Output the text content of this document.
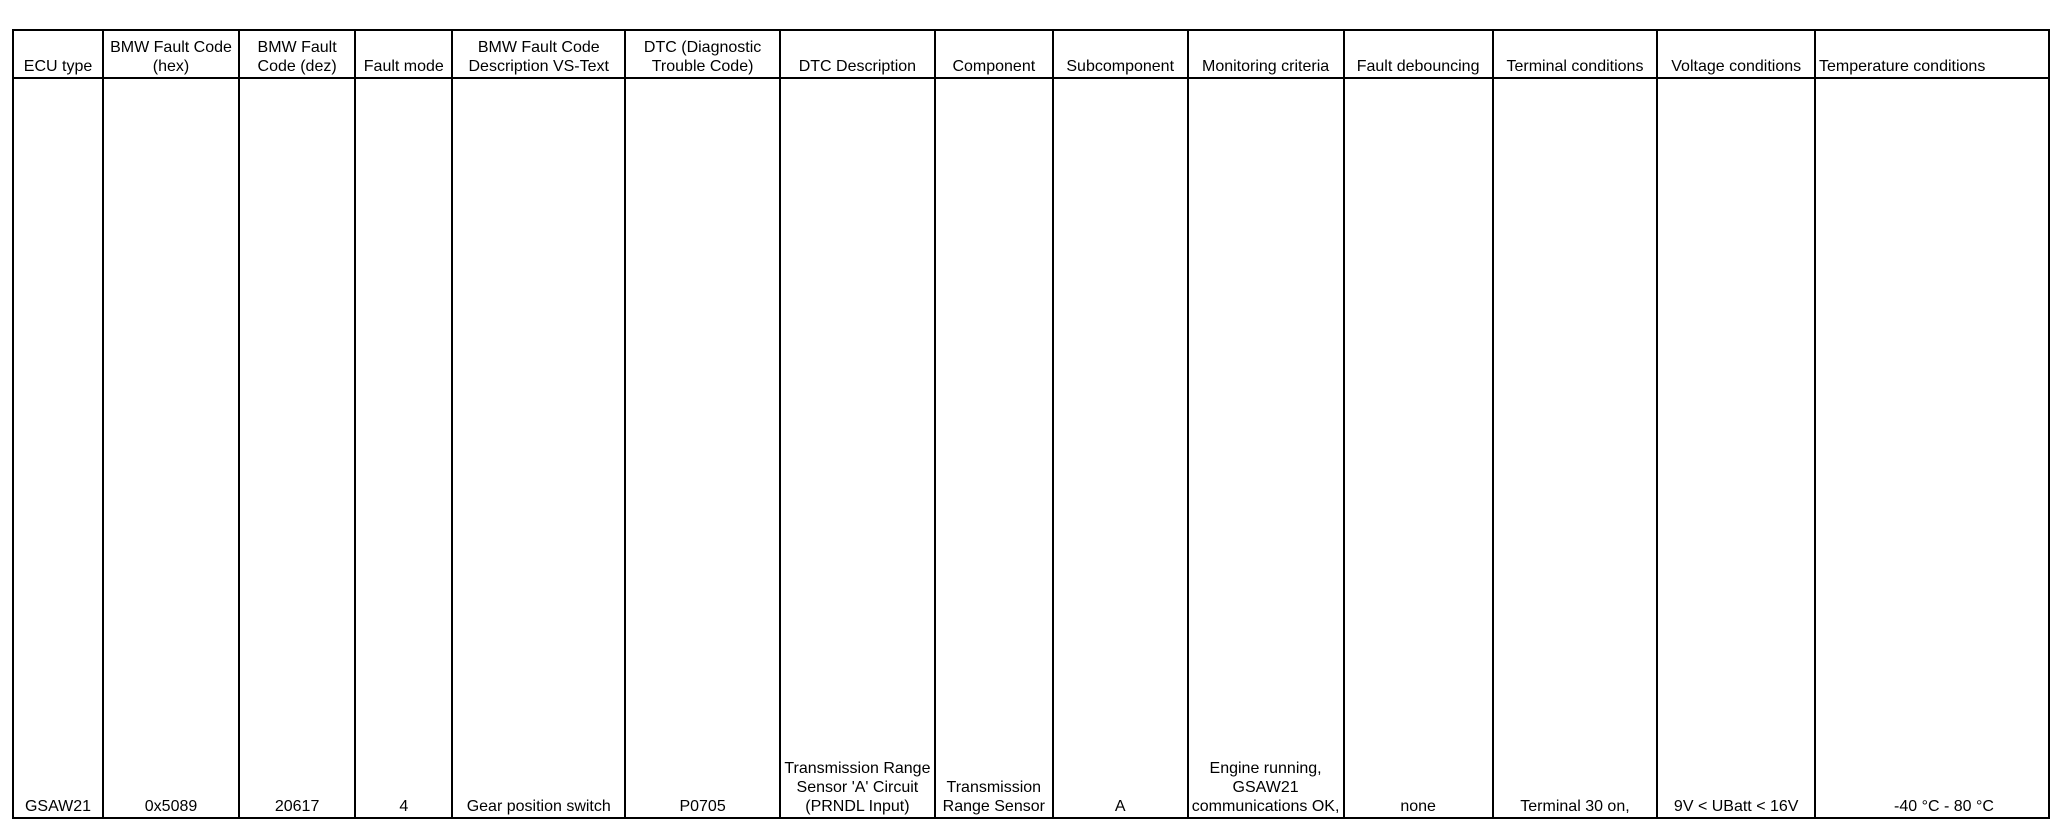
ECU type	BMW Fault Code (hex)	BMW Fault Code (dez)	Fault mode	BMW Fault Code Description VS-Text	DTC (Diagnostic Trouble Code)	DTC Description	Component	Subcomponent	Monitoring criteria	Fault debouncing	Terminal conditions	Voltage conditions	Temperature conditions
GSAW21	0x5089	20617	4	Gear position switch	P0705	Transmission Range Sensor 'A' Circuit (PRNDL Input)	Transmission Range Sensor	A	Engine running, GSAW21 communications OK,	none	Terminal 30 on,	9V < UBatt < 16V	-40 °C - 80 °C
